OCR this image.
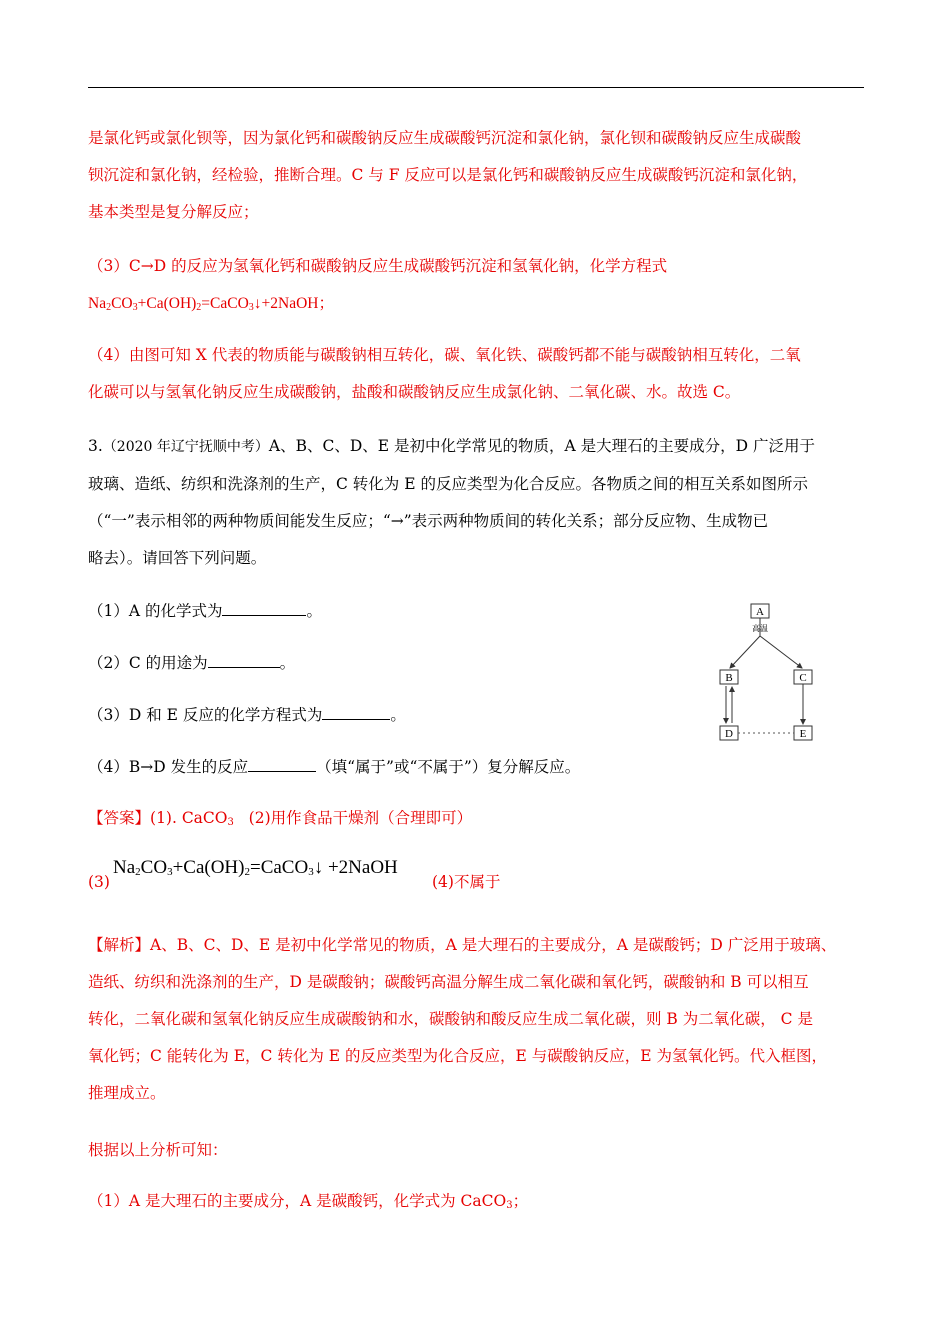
是氯化钙或氯化钡等，因为氯化钙和碳酸钠反应生成碳酸钙沉淀和氯化钠，氯化钡和碳酸钠反应生成碳酸
钡沉淀和氯化钠，经检验，推断合理。C 与 F 反应可以是氯化钙和碳酸钠反应生成碳酸钙沉淀和氯化钠，
基本类型是复分解反应；
（3）C→D 的反应为氢氧化钙和碳酸钠反应生成碳酸钙沉淀和氢氧化钠，化学方程式
$Na_2CO_3+Ca(OH)_2=CaCO_3↓+2NaOH$；
（4）由图可知 X 代表的物质能与碳酸钠相互转化，碳、氧化铁、碳酸钙都不能与碳酸钠相互转化，二氧
化碳可以与氢氧化钠反应生成碳酸钠，盐酸和碳酸钠反应生成氯化钠、二氧化碳、水。故选 C。
3.（2020 年辽宁抚顺中考）A、B、C、D、E 是初中化学常见的物质，A 是大理石的主要成分，D 广泛用于
玻璃、造纸、纺织和洗涤剂的生产，C 转化为 E 的反应类型为化合反应。各物质之间的相互关系如图所示
（“一”表示相邻的两种物质间能发生反应；“→”表示两种物质间的转化关系；部分反应物、生成物已
略去）。请回答下列问题。
（1）A 的化学式为	。
（2）C 的用途为	。
（3）D 和 E 反应的化学方程式为	。
（4）B→D 发生的反应	（填“属于”或“不属于”）复分解反应。
A
高温
B	C
D	E
【答案】(1). CaCO$_3$ (2)用作食品干燥剂（合理即可）
(3)
$Na_2CO_3+Ca(OH)_2=CaCO_3↓$ +2NaOH
(4)不属于
【解析】A、B、C、D、E 是初中化学常见的物质，A 是大理石的主要成分，A 是碳酸钙；D 广泛用于玻璃、
造纸、纺织和洗涤剂的生产，D 是碳酸钠；碳酸钙高温分解生成二氧化碳和氧化钙，碳酸钠和 B 可以相互
转化，二氧化碳和氢氧化钠反应生成碳酸钠和水，碳酸钠和酸反应生成二氧化碳，则 B 为二氧化碳， C 是
氧化钙；C 能转化为 E，C 转化为 E 的反应类型为化合反应，E 与碳酸钠反应，E 为氢氧化钙。代入框图，
推理成立。
根据以上分析可知：
（1）A 是大理石的主要成分，A 是碳酸钙，化学式为 CaCO$_3$；
